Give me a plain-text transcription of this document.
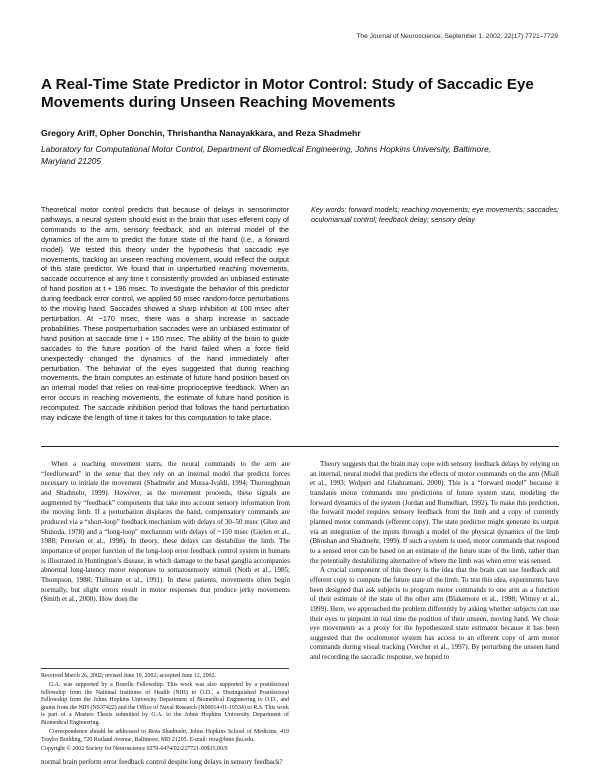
The Journal of Neuroscience, September 1, 2002, 22(17):7721–7729
A Real-Time State Predictor in Motor Control: Study of Saccadic Eye Movements during Unseen Reaching Movements
Gregory Ariff, Opher Donchin, Thrishantha Nanayakkara, and Reza Shadmehr
Laboratory for Computational Motor Control, Department of Biomedical Engineering, Johns Hopkins University, Baltimore, Maryland 21205

Theoretical motor control predicts that because of delays in sensorimotor pathways, a neural system should exist in the brain that uses efferent copy of commands to the arm, sensory feedback, and an internal model of the dynamics of the arm to predict the future state of the hand (i.e., a forward model). We tested this theory under the hypothesis that saccadic eye movements, tracking an unseen reaching movement, would reflect the output of this state predictor. We found that in unperturbed reaching movements, saccade occurrence at any time t consistently provided an unbiased estimate of hand position at t + 196 msec. To investigate the behavior of this predictor during feedback error control, we applied 50 msec random-force perturbations to the moving hand. Saccades showed a sharp inhibition at 100 msec after perturbation. At ~170 msec, there was a sharp increase in saccade probabilities. These postperturbation saccades were an unbiased estimator of hand position at saccade time t + 150 msec. The ability of the brain to guide saccades to the future position of the hand failed when a force field unexpectedly changed the dynamics of the hand immediately after perturbation. The behavior of the eyes suggested that during reaching movements, the brain computes an estimate of future hand position based on an internal model that relies on real-time proprioceptive feedback. When an error occurs in reaching movements, the estimate of future hand position is recomputed. The saccade inhibition period that follows the hand perturbation may indicate the length of time it takes for this computation to take place.

Key words: forward models; reaching movements; eye movements; saccades; oculomanual control; feedback delay; sensory delay

When a reaching movement starts, the neural commands to the arm are “feedforward” in the sense that they rely on an internal model that predicts forces necessary to initiate the movement (Shadmehr and Mussa-Ivaldi, 1994; Thoroughman and Shadmehr, 1999). However, as the movement proceeds, these signals are augmented by “feedback” components that take into account sensory information from the moving limb. If a perturbation displaces the hand, compensatory commands are produced via a “short-loop” feedback mechanism with delays of 30–50 msec (Ghez and Shinoda, 1978) and a “long-loop” mechanism with delays of ~150 msec (Gielen et al., 1988; Petersen et al., 1998). In theory, these delays can destabilize the limb. The importance of proper function of the long-loop error feedback control system in humans is illustrated in Huntington’s disease, in which damage to the basal ganglia accompanies abnormal long-latency motor responses to somatosensory stimuli (Noth et al., 1985; Thompson, 1988; Thilmann et al., 1991). In these patients, movements often begin normally, but slight errors result in motor responses that produce jerky movements (Smith et al., 2000). How does the

normal brain perform error feedback control despite long delays in sensory feedback?

Theory suggests that the brain may cope with sensory feedback delays by relying on an internal, neural model that predicts the effects of motor commands on the arm (Miall et al., 1993; Wolpert and Ghahramani, 2000). This is a “forward model” because it translates motor commands into predictions of future system state, modeling the forward dynamics of the system (Jordan and Rumelhart, 1992). To make this prediction, the forward model requires sensory feedback from the limb and a copy of currently planned motor commands (efferent copy). The state predictor might generate its output via an integration of the inputs through a model of the physical dynamics of the limb (Bhushan and Shadmehr, 1999). If such a system is used, motor commands that respond to a sensed error can be based on an estimate of the future state of the limb, rather than the potentially destabilizing alternative of where the limb was when error was sensed.

A crucial component of this theory is the idea that the brain can use feedback and efferent copy to compute the future state of the limb. To test this idea, experiments have been designed that ask subjects to program motor commands to one arm as a function of their estimate of the state of the other arm (Blakemore et al., 1998; Witney et al., 1999). Here, we approached the problem differently by asking whether subjects can use their eyes to pinpoint in real time the position of their unseen, moving hand. We chose eye movements as a proxy for the hypothesized state estimator because it has been suggested that the oculomotor system has access to an efferent copy of arm motor commands during visual tracking (Vercher et al., 1997). By perturbing the unseen hand and recording the saccadic response, we hoped to

Received March 26, 2002; revised June 10, 2002; accepted June 12, 2002.

G.A. was supported by a Bozelle Fellowship. This work was also supported by a postdoctoral fellowship from the National Institutes of Health (NIH) to O.D., a Distinguished Postdoctoral Fellowship from the Johns Hopkins University Department of Biomedical Engineering to O.D., and grants from the NIH (NS37422) and the Office of Naval Research (N00014-01-10534) to R.S. This work is part of a Masters Thesis submitted by G.A. to the Johns Hopkins University Department of Biomedical Engineering.

Correspondence should be addressed to Reza Shadmehr, Johns Hopkins School of Medicine, 419 Traylor Building, 720 Rutland Avenue, Baltimore, MD 21205. E-mail: reza@bme.jhu.edu.

Copyright © 2002 Society for Neuroscience 0270-6474/02/227721-09$15.00/0
